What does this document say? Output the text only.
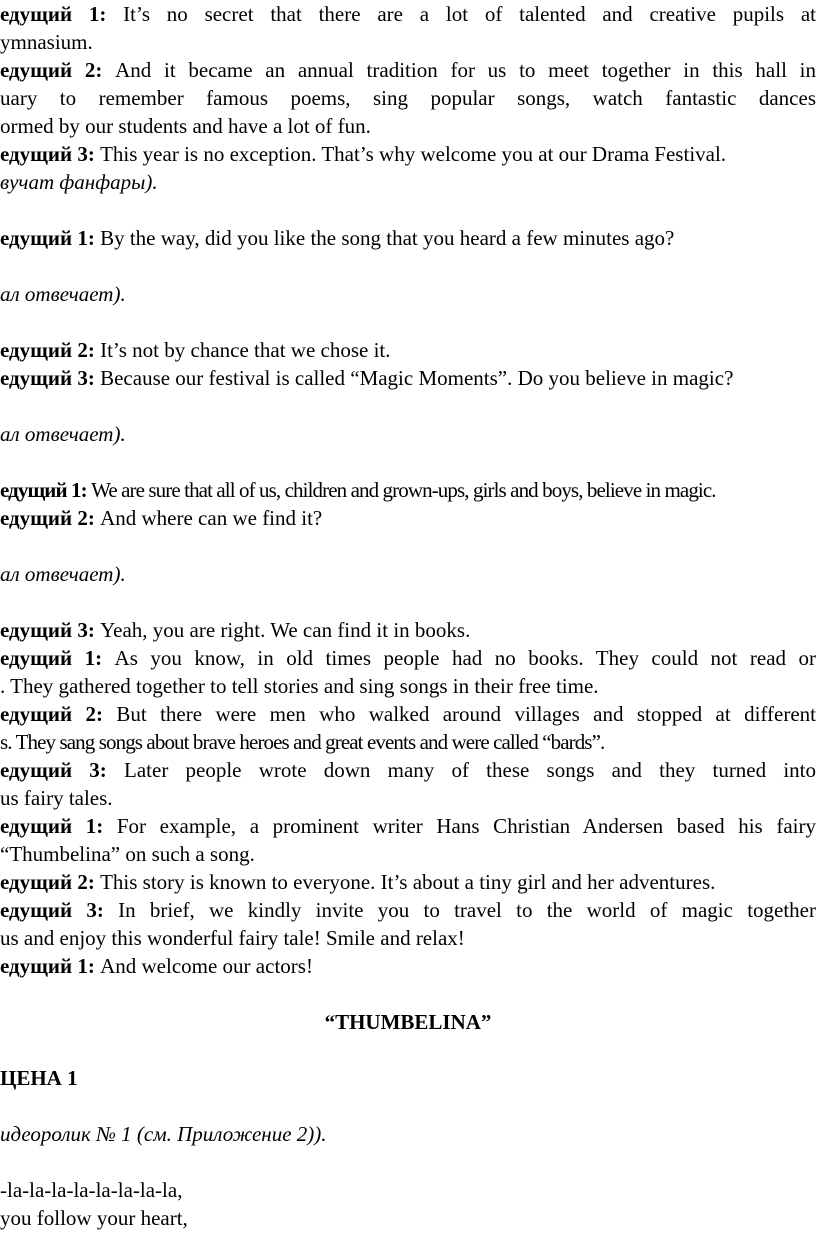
едущий 1: It’s no secret that there are a lot of talented and creative pupils at
ymnasium.
едущий 2: And it became an annual tradition for us to meet together in this hall in
uary to remember famous poems, sing popular songs, watch fantastic dances
ormed by our students and have a lot of fun.
едущий 3: This year is no exception. That’s why welcome you at our Drama Festival.
вучат фанфары).
едущий 1: By the way, did you like the song that you heard a few minutes ago?
ал отвечает).
едущий 2: It’s not by chance that we chose it.
едущий 3: Because our festival is called “Magic Moments”. Do you believe in magic?
ал отвечает).
едущий 1: We are sure that all of us, children and grown-ups, girls and boys, believe in magic.
едущий 2: And where can we find it?
ал отвечает).
едущий 3: Yeah, you are right. We can find it in books.
едущий 1: As you know, in old times people had no books. They could not read or
. They gathered together to tell stories and sing songs in their free time.
едущий 2: But there were men who walked around villages and stopped at different
s. They sang songs about brave heroes and great events and were called “bards”.
едущий 3: Later people wrote down many of these songs and they turned into
us fairy tales.
едущий 1: For example, a prominent writer Hans Christian Andersen based his fairy
“Thumbelina” on such a song.
едущий 2: This story is known to everyone. It’s about a tiny girl and her adventures.
едущий 3: In brief, we kindly invite you to travel to the world of magic together
us and enjoy this wonderful fairy tale! Smile and relax!
едущий 1: And welcome our actors!
“THUMBELINA”
ЦЕНА 1
идеоролик № 1 (см. Приложение 2)).
-la-la-la-la-la-la-la-la,
you follow your heart,
